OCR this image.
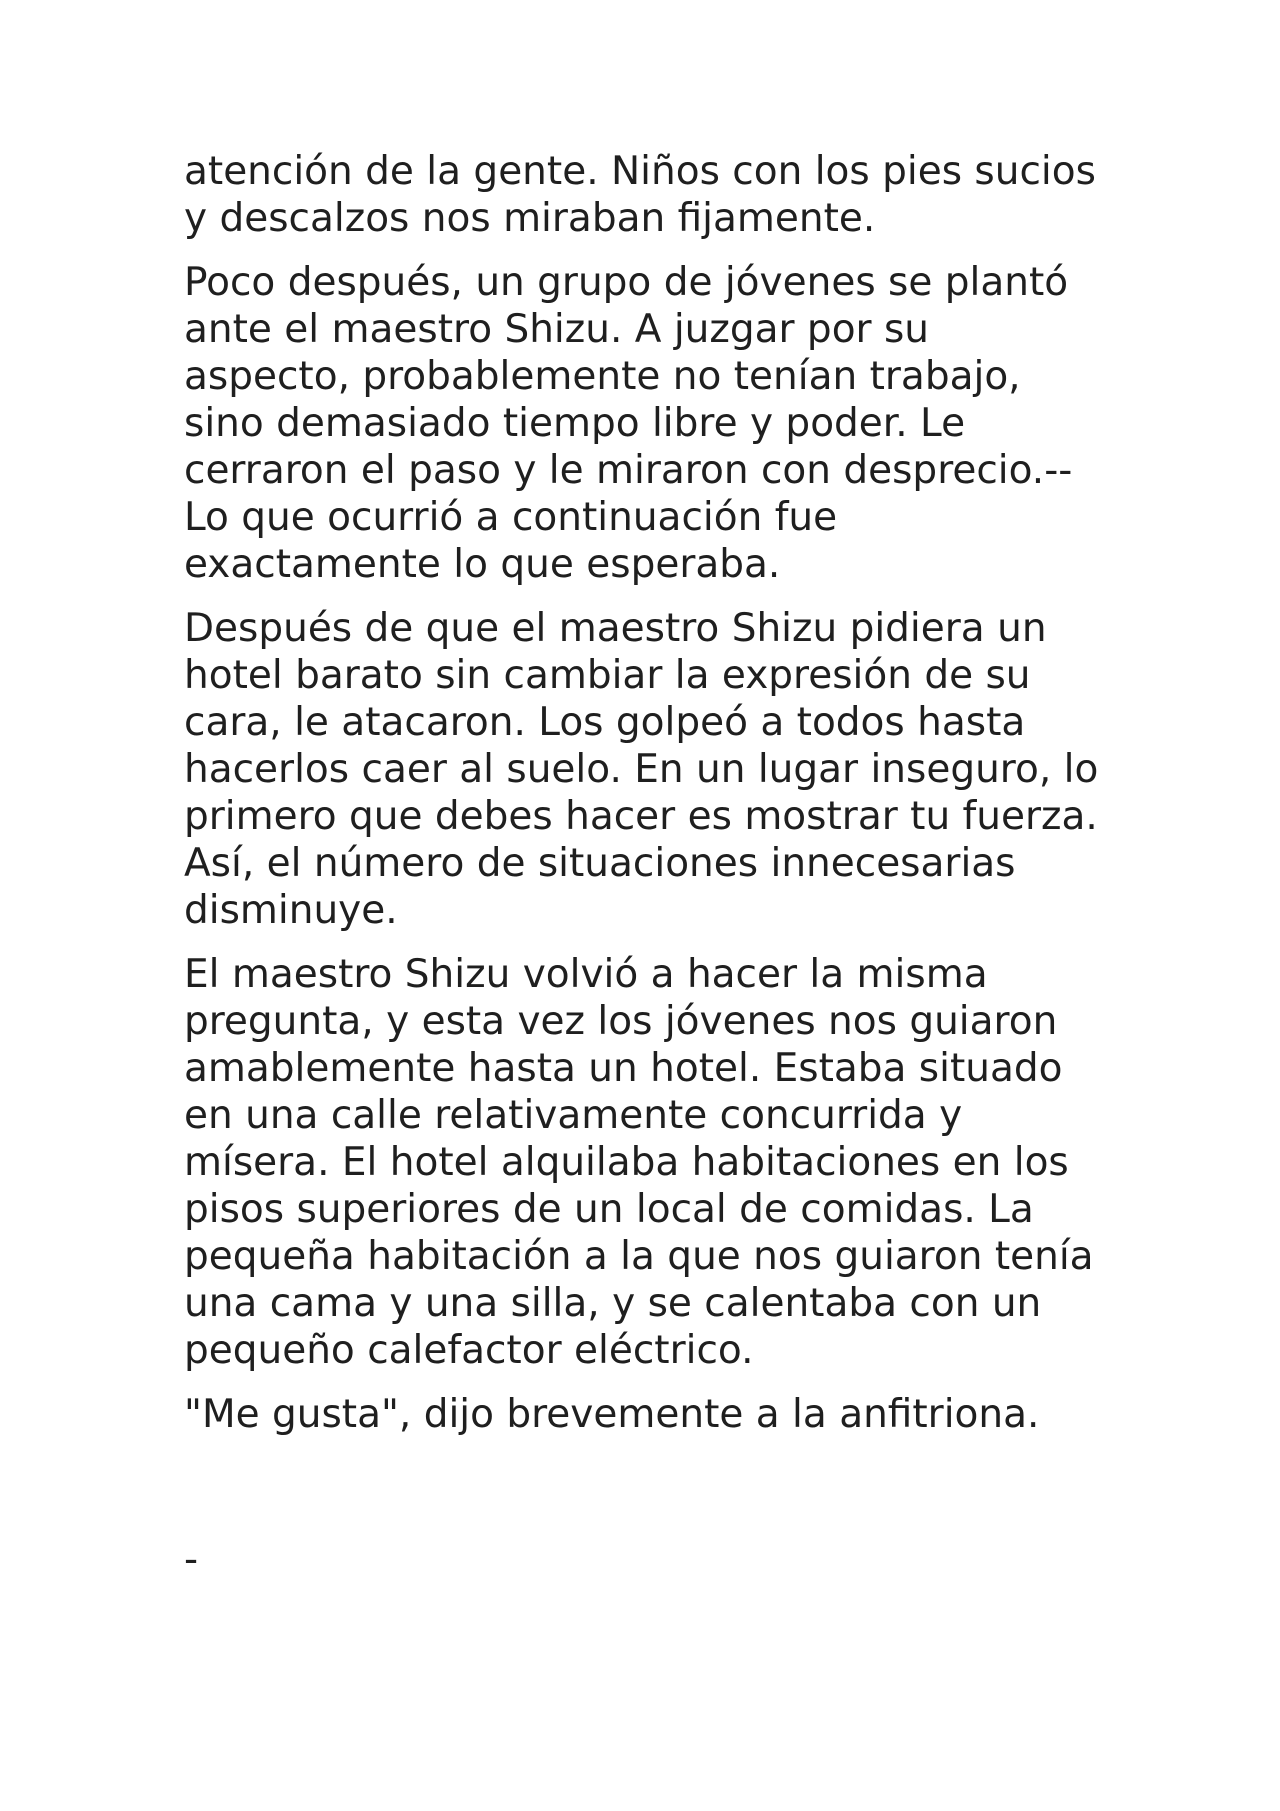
atención de la gente. Niños con los pies sucios y descalzos nos miraban fijamente.

Poco después, un grupo de jóvenes se plantó ante el maestro Shizu. A juzgar por su aspecto, probablemente no tenían trabajo, sino demasiado tiempo libre y poder. Le cerraron el paso y le miraron con desprecio.-- Lo que ocurrió a continuación fue exactamente lo que esperaba.

Después de que el maestro Shizu pidiera un hotel barato sin cambiar la expresión de su cara, le atacaron. Los golpeó a todos hasta hacerlos caer al suelo. En un lugar inseguro, lo primero que debes hacer es mostrar tu fuerza. Así, el número de situaciones innecesarias disminuye.

El maestro Shizu volvió a hacer la misma pregunta, y esta vez los jóvenes nos guiaron amablemente hasta un hotel. Estaba situado en una calle relativamente concurrida y mísera. El hotel alquilaba habitaciones en los pisos superiores de un local de comidas. La pequeña habitación a la que nos guiaron tenía una cama y una silla, y se calentaba con un pequeño calefactor eléctrico.

"Me gusta", dijo brevemente a la anfitriona.

-
